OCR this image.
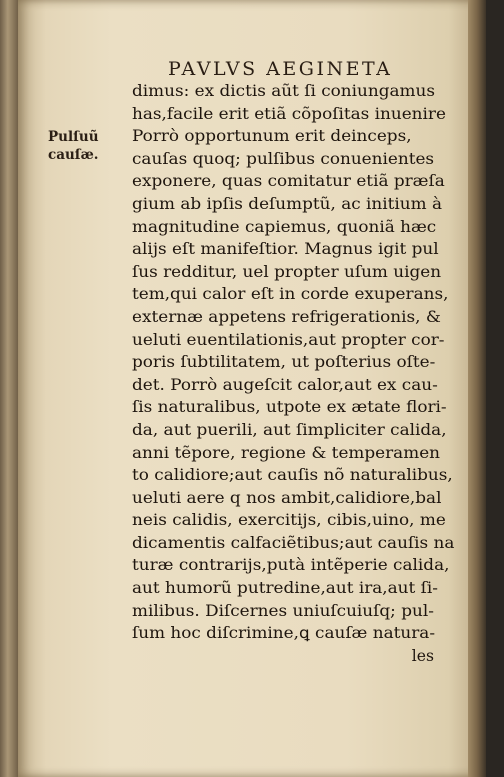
PAVLVS AEGINETA
Pulſuũ
cauſæ.
dimus: ex dictis aũt ſi coniungamus
has,facile erit etiã cõpoſitas inuenire
Porrò opportunum erit deinceps,
cauſas quoq; pulſibus conuenientes
exponere, quas comitatur etiã præſa
gium ab ipſis deſumptũ, ac initium à
magnitudine capiemus, quoniã hæc
alijs eſt manifeſtior. Magnus igit pul
ſus redditur, uel propter uſum uigen
tem,qui calor eſt in corde exuperans,
externæ appetens refrigerationis, &
ueluti euentilationis,aut propter cor-
poris ſubtilitatem, ut poſterius oſte-
det. Porrò augeſcit calor,aut ex cau-
ſis naturalibus, utpote ex ætate flori-
da, aut puerili, aut ſimpliciter calida,
anni tẽpore, regione & temperamen
to calidiore;aut cauſis nõ naturalibus,
ueluti aere q nos ambit,calidiore,bal
neis calidis, exercitijs, cibis,uino, me
dicamentis calfaciẽtibus;aut cauſis na
turæ contrarijs,putà intẽperie calida,
aut humorũ putredine,aut ira,aut ſi-
milibus. Diſcernes uniuſcuiuſq; pul-
ſum hoc diſcrimine,ꝗ cauſæ natura-
les
